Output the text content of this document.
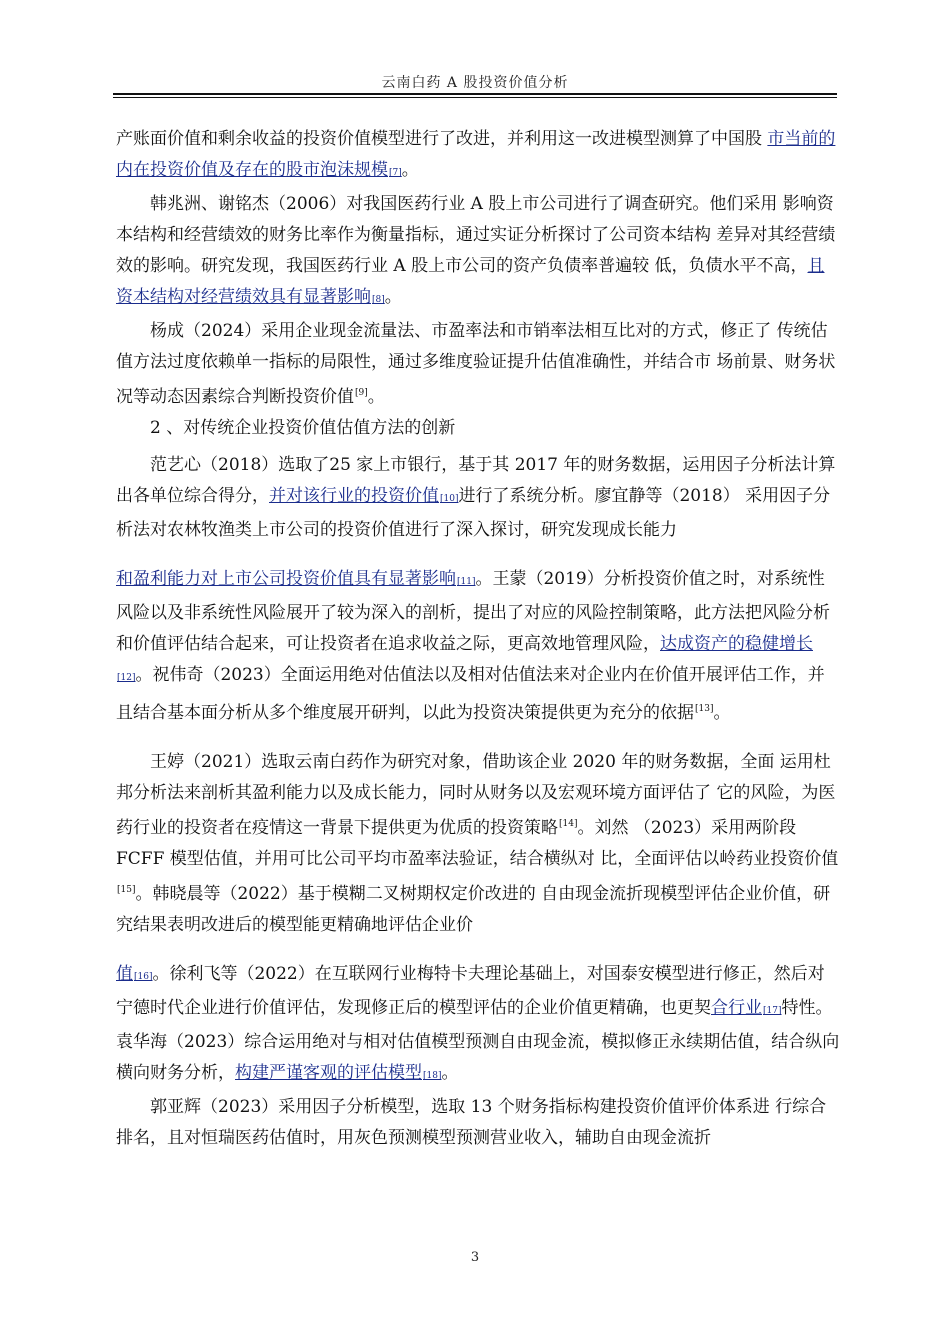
云南白药 A 股投资价值分析

产账面价值和剩余收益的投资价值模型进行了改进，并利用这一改进模型测算了中国股 市当前的内在投资价值及存在的股市泡沫规模[7]。

韩兆洲、谢铭杰（2006）对我国医药行业 A 股上市公司进行了调查研究。他们采用 影响资本结构和经营绩效的财务比率作为衡量指标，通过实证分析探讨了公司资本结构 差异对其经营绩效的影响。研究发现，我国医药行业 A 股上市公司的资产负债率普遍较 低，负债水平不高，且资本结构对经营绩效具有显著影响[8]。

杨成（2024）采用企业现金流量法、市盈率法和市销率法相互比对的方式，修正了 传统估值方法过度依赖单一指标的局限性，通过多维度验证提升估值准确性，并结合市 场前景、财务状况等动态因素综合判断投资价值[9]。

2 、对传统企业投资价值估值方法的创新

范艺心（2018）选取了25 家上市银行，基于其 2017 年的财务数据，运用因子分析法计算出各单位综合得分，并对该行业的投资价值[10]进行了系统分析。廖宜静等（2018） 采用因子分析法对农林牧渔类上市公司的投资价值进行了深入探讨，研究发现成长能力

和盈利能力对上市公司投资价值具有显著影响[11]。王蒙（2019）分析投资价值之时，对系统性风险以及非系统性风险展开了较为深入的剖析，提出了对应的风险控制策略，此方法把风险分析和价值评估结合起来，可让投资者在追求收益之际，更高效地管理风险，达成资产的稳健增长[12]。祝伟奇（2023）全面运用绝对估值法以及相对估值法来对企业内在价值开展评估工作，并且结合基本面分析从多个维度展开研判，以此为投资决策提供更为充分的依据[13]。

王婷（2021）选取云南白药作为研究对象，借助该企业 2020 年的财务数据，全面 运用杜邦分析法来剖析其盈利能力以及成长能力，同时从财务以及宏观环境方面评估了 它的风险，为医药行业的投资者在疫情这一背景下提供更为优质的投资策略[14]。刘然 （2023）采用两阶段 FCFF 模型估值，并用可比公司平均市盈率法验证，结合横纵对 比，全面评估以岭药业投资价值[15]。韩晓晨等（2022）基于模糊二叉树期权定价改进的 自由现金流折现模型评估企业价值，研究结果表明改进后的模型能更精确地评估企业价

值[16]。徐利飞等（2022）在互联网行业梅特卡夫理论基础上，对国泰安模型进行修正，然后对宁德时代企业进行价值评估，发现修正后的模型评估的企业价值更精确，也更契合行业[17]特性。袁华海（2023）综合运用绝对与相对估值模型预测自由现金流，模拟修正永续期估值，结合纵向横向财务分析，构建严谨客观的评估模型[18]。

郭亚辉（2023）采用因子分析模型，选取 13 个财务指标构建投资价值评价体系进 行综合排名，且对恒瑞医药估值时，用灰色预测模型预测营业收入，辅助自由现金流折

3
